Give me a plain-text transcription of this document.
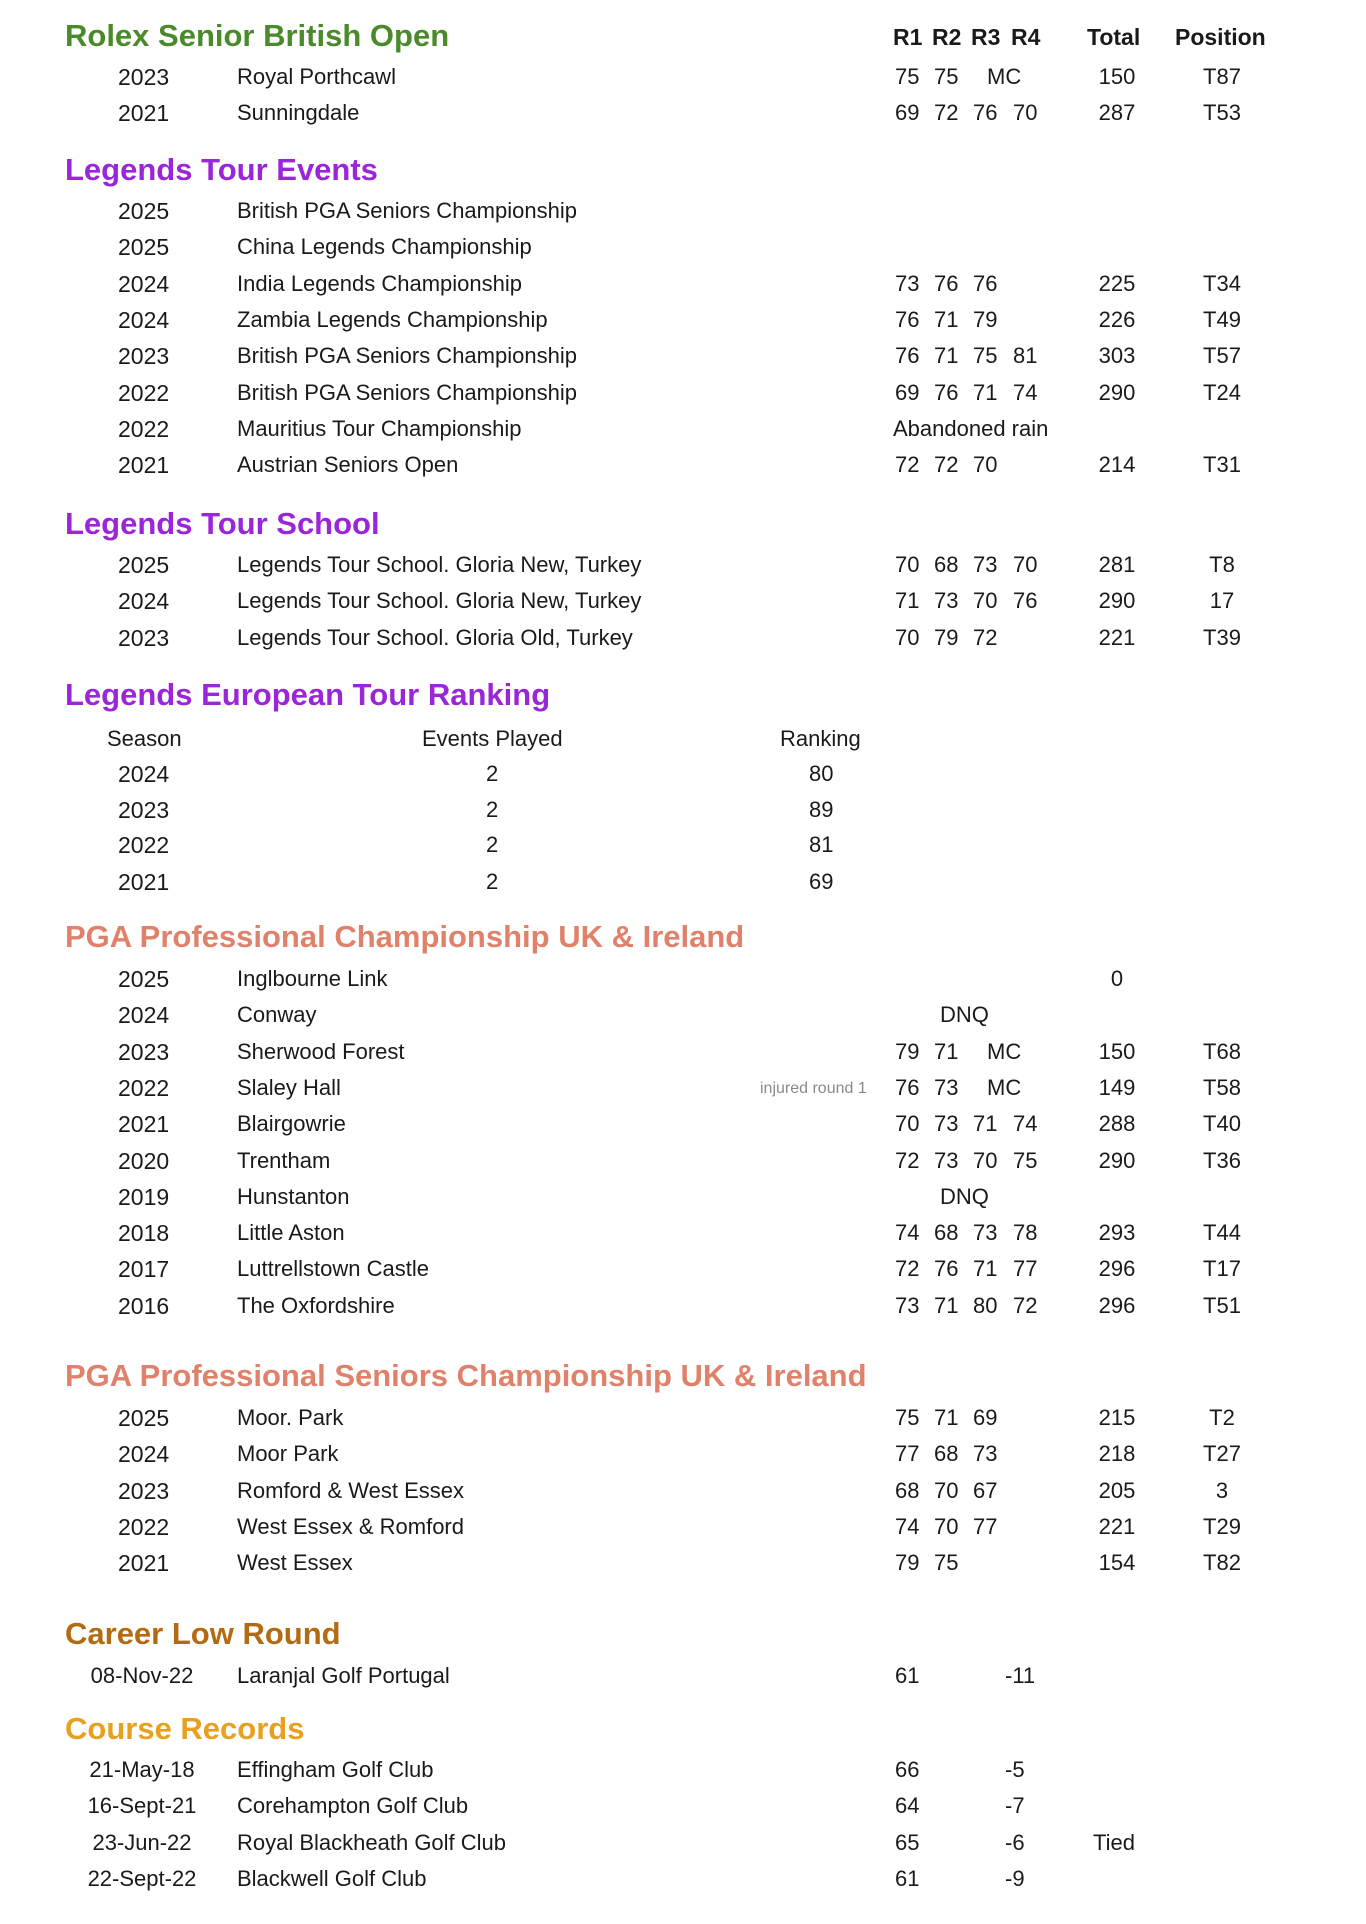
Rolex Senior British Open	R1 R2 R3 R4 Total Position
2023	Royal Porthcawl	75 75 MC	150	T87
2021	Sunningdale	69 72 76 70	287	T53
Legends Tour Events
2025	British PGA Seniors Championship
2025	China Legends Championship
2024	India Legends Championship	73 76 76	225	T34
2024	Zambia Legends Championship	76 71 79	226	T49
2023	British PGA Seniors Championship	76 71 75 81	303	T57
2022	British PGA Seniors Championship	69 76 71 74	290	T24
2022	Mauritius Tour Championship	Abandoned rain
2021	Austrian Seniors Open	72 72 70	214	T31
Legends Tour School
2025	Legends Tour School. Gloria New, Turkey	70 68 73 70	281	T8
2024	Legends Tour School. Gloria New, Turkey	71 73 70 76	290	17
2023	Legends Tour School. Gloria Old, Turkey	70 79 72	221	T39
Legends European Tour Ranking
Season	Events Played	Ranking
2024	2	80
2023	2	89
2022	2	81
2021	2	69
PGA Professional Championship UK & Ireland
2025	Inglbourne Link	0
2024	Conway	DNQ
2023	Sherwood Forest	79 71 MC	150	T68
2022	Slaley Hall	76 73 MC	149	T58
injured round 1
2021	Blairgowrie	70 73 71 74	288	T40
2020	Trentham	72 73 70 75	290	T36
2019	Hunstanton	DNQ
2018	Little Aston	74 68 73 78	293	T44
2017	Luttrellstown Castle	72 76 71 77	296	T17
2016	The Oxfordshire	73 71 80 72	296	T51
PGA Professional Seniors Championship UK & Ireland
2025	Moor. Park	75 71 69	215	T2
2024	Moor Park	77 68 73	218	T27
2023	Romford & West Essex	68 70 67	205	3
2022	West Essex & Romford	74 70 77	221	T29
2021	West Essex	79 75	154	T82
Career Low Round
08-Nov-22	Laranjal Golf Portugal	61	-11
Course Records
21-May-18	Effingham Golf Club	66	-5
16-Sept-21 Corehampton Golf Club	64	-7
23-Jun-22	Royal Blackheath Golf Club	65	-6	Tied
22-Sept-22 Blackwell Golf Club	61	-9
